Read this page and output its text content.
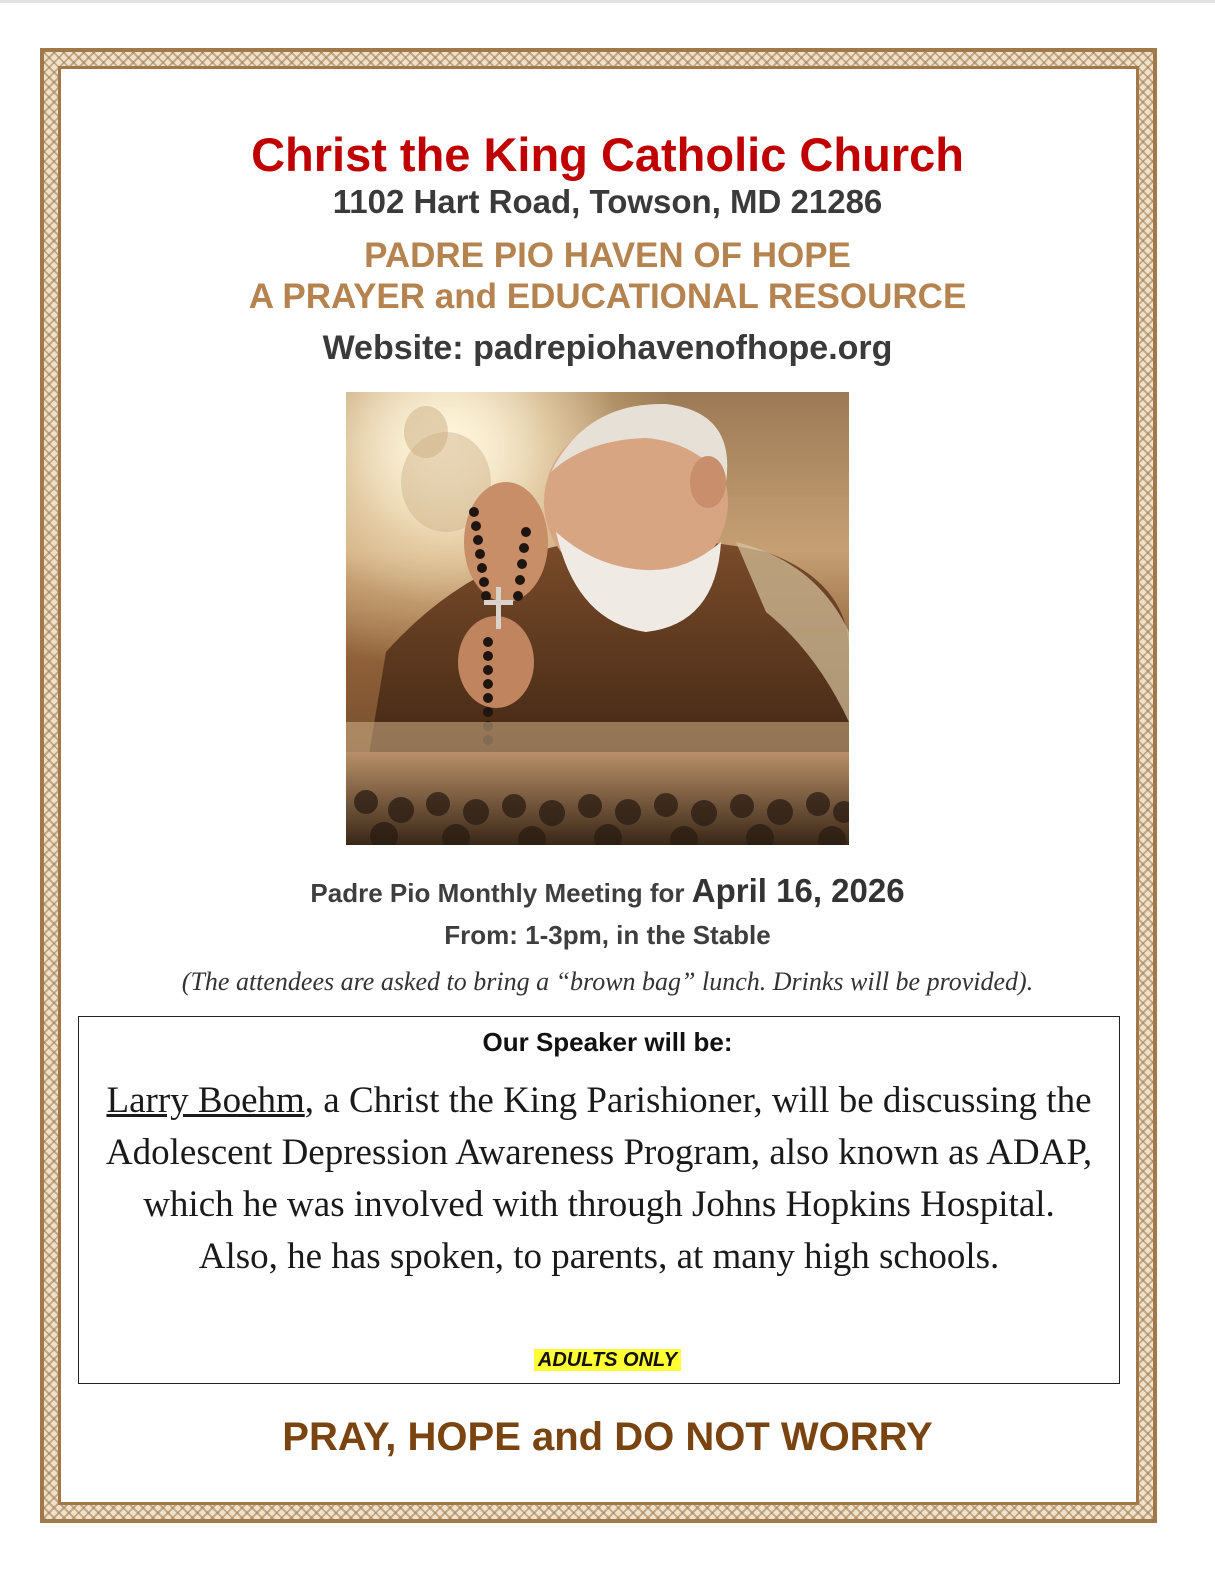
Christ the King Catholic Church
1102 Hart Road, Towson, MD 21286
PADRE PIO HAVEN OF HOPE
A PRAYER and EDUCATIONAL RESOURCE
Website: padrepiohavenofhope.org
Padre Pio Monthly Meeting for April 16, 2026
From: 1-3pm, in the Stable
(The attendees are asked to bring a “brown bag” lunch. Drinks will be provided).
Our Speaker will be:
Larry Boehm, a Christ the King Parishioner, will be discussing the Adolescent Depression Awareness Program, also known as ADAP, which he was involved with through Johns Hopkins Hospital.
Also, he has spoken, to parents, at many high schools.
ADULTS ONLY
PRAY, HOPE and DO NOT WORRY
